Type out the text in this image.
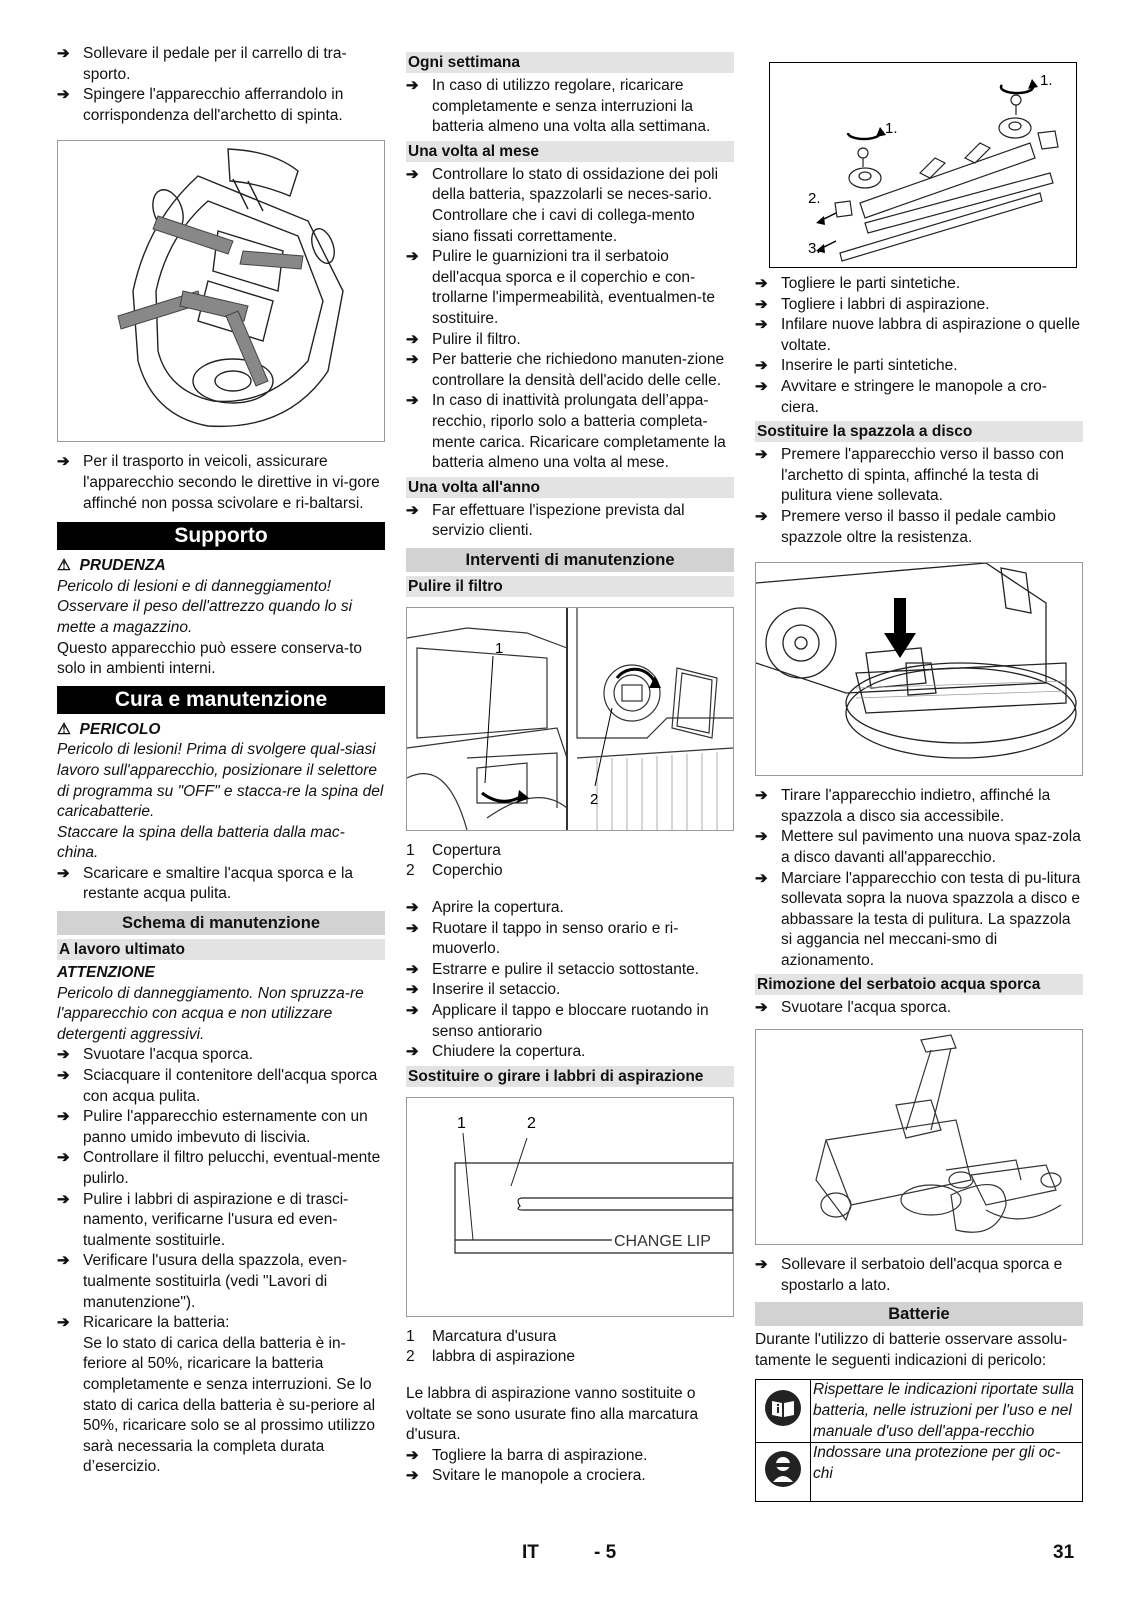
➔ Sollevare il pedale per il carrello di tra-sporto.
➔ Spingere l'apparecchio afferrandolo in corrispondenza dell'archetto di spinta.
➔ Per il trasporto in veicoli, assicurare l'apparecchio secondo le direttive in vi-gore affinché non possa scivolare e ri-baltarsi.
Supporto
⚠ PRUDENZA
Pericolo di lesioni e di danneggiamento! Osservare il peso dell'attrezzo quando lo si mette a magazzino.
Questo apparecchio può essere conserva-to solo in ambienti interni.
Cura e manutenzione
⚠ PERICOLO
Pericolo di lesioni! Prima di svolgere qual-siasi lavoro sull'apparecchio, posizionare il selettore di programma su "OFF" e stacca-re la spina del caricabatterie.
Staccare la spina della batteria dalla mac-china.
➔ Scaricare e smaltire l'acqua sporca e la restante acqua pulita.
Schema di manutenzione
A lavoro ultimato
ATTENZIONE
Pericolo di danneggiamento. Non spruzza-re l'apparecchio con acqua e non utilizzare detergenti aggressivi.
➔ Svuotare l'acqua sporca.
➔ Sciacquare il contenitore dell'acqua sporca con acqua pulita.
➔ Pulire l'apparecchio esternamente con un panno umido imbevuto di liscivia.
➔ Controllare il filtro pelucchi, eventual-mente pulirlo.
➔ Pulire i labbri di aspirazione e di trasci-namento, verificarne l'usura ed even-tualmente sostituirle.
➔ Verificare l'usura della spazzola, even-tualmente sostituirla (vedi "Lavori di manutenzione").
➔ Ricaricare la batteria:
Se lo stato di carica della batteria è in-feriore al 50%, ricaricare la batteria completamente e senza interruzioni. Se lo stato di carica della batteria è su-periore al 50%, ricaricare solo se al prossimo utilizzo sarà necessaria la completa durata d’esercizio.
Ogni settimana
➔ In caso di utilizzo regolare, ricaricare completamente e senza interruzioni la batteria almeno una volta alla settimana.
Una volta al mese
➔ Controllare lo stato di ossidazione dei poli della batteria, spazzolarli se neces-sario. Controllare che i cavi di collega-mento siano fissati correttamente.
➔ Pulire le guarnizioni tra il serbatoio dell'acqua sporca e il coperchio e con-trollarne l'impermeabilità, eventualmen-te sostituire.
➔ Pulire il filtro.
➔ Per batterie che richiedono manuten-zione controllare la densità dell'acido delle celle.
➔ In caso di inattività prolungata dell’appa-recchio, riporlo solo a batteria completa-mente carica. Ricaricare completamente la batteria almeno una volta al mese.
Una volta all'anno
➔ Far effettuare l'ispezione prevista dal servizio clienti.
Interventi di manutenzione
Pulire il filtro
1
2
1	Copertura
2	Coperchio
➔ Aprire la copertura.
➔ Ruotare il tappo in senso orario e ri-muoverlo.
➔ Estrarre e pulire il setaccio sottostante.
➔ Inserire il setaccio.
➔ Applicare il tappo e bloccare ruotando in senso antiorario
➔ Chiudere la copertura.
Sostituire o girare i labbri di aspirazione
1	2
CHANGE LIP
1	Marcatura d'usura
2	labbra di aspirazione
Le labbra di aspirazione vanno sostituite o voltate se sono usurate fino alla marcatura d'usura.
➔ Togliere la barra di aspirazione.
➔ Svitare le manopole a crociera.
1.
1.
2.
3.
➔ Togliere le parti sintetiche.
➔ Togliere i labbri di aspirazione.
➔ Infilare nuove labbra di aspirazione o quelle voltate.
➔ Inserire le parti sintetiche.
➔ Avvitare e stringere le manopole a cro-ciera.
Sostituire la spazzola a disco
➔ Premere l'apparecchio verso il basso con l'archetto di spinta, affinché la testa di pulitura viene sollevata.
➔ Premere verso il basso il pedale cambio spazzole oltre la resistenza.
➔ Tirare l'apparecchio indietro, affinché la spazzola a disco sia accessibile.
➔ Mettere sul pavimento una nuova spaz-zola a disco davanti all'apparecchio.
➔ Marciare l'apparecchio con testa di pu-litura sollevata sopra la nuova spazzola a disco e abbassare la testa di pulitura. La spazzola si aggancia nel meccani-smo di azionamento.
Rimozione del serbatoio acqua sporca
➔ Svuotare l'acqua sporca.
➔ Sollevare il serbatoio dell'acqua sporca e spostarlo a lato.
Batterie
Durante l'utilizzo di batterie osservare assolu-tamente le seguenti indicazioni di pericolo:
	Rispettare le indicazioni riportate sulla batteria, nelle istruzioni per l'uso e nel manuale d'uso dell'appa-recchio
	Indossare una protezione per gli oc-chi
IT	- 5	31
